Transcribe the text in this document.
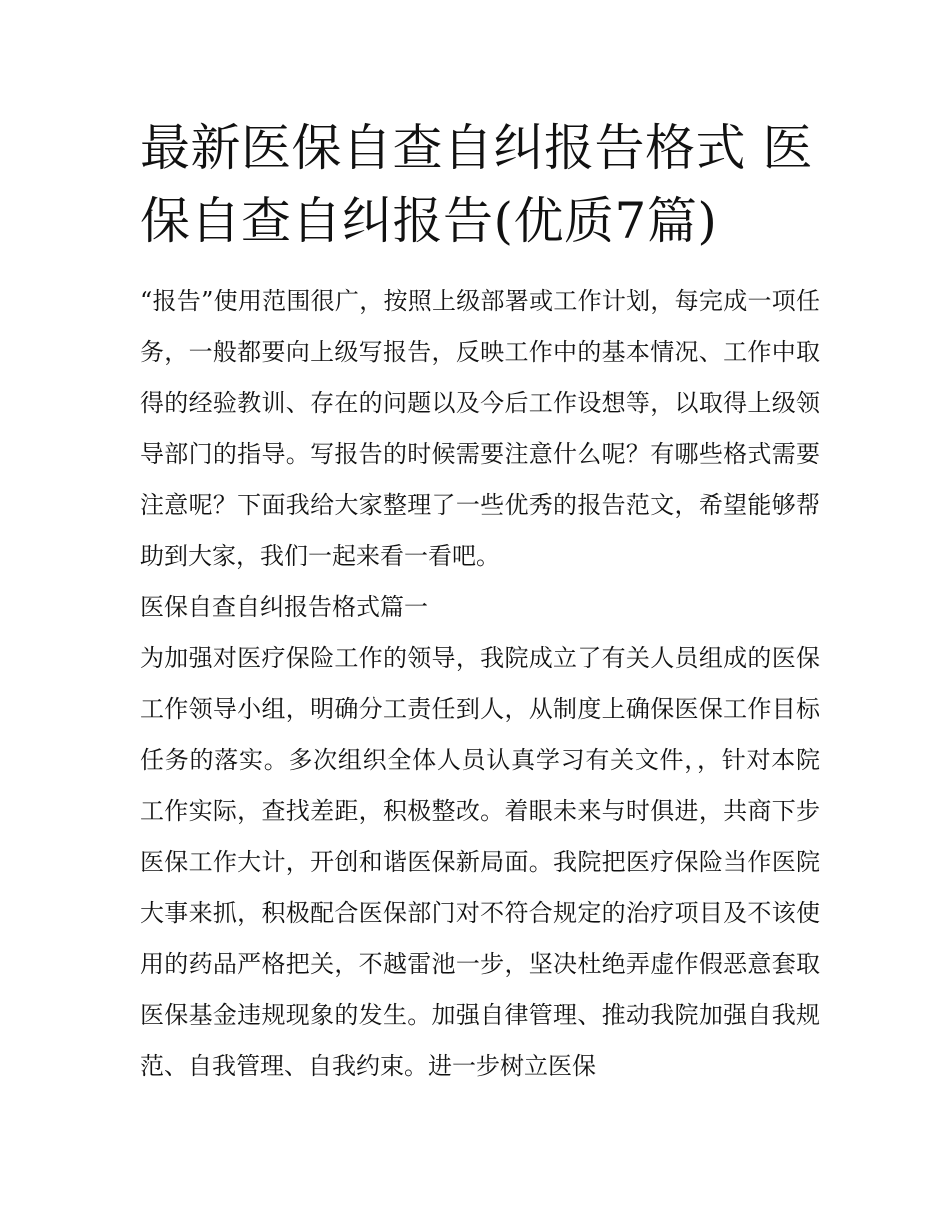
最新医保自查自纠报告格式 医保自查自纠报告(优质7篇)

“报告”使用范围很广，按照上级部署或工作计划，每完成一项任务，一般都要向上级写报告，反映工作中的基本情况、工作中取得的经验教训、存在的问题以及今后工作设想等，以取得上级领导部门的指导。写报告的时候需要注意什么呢？有哪些格式需要注意呢？下面我给大家整理了一些优秀的报告范文，希望能够帮助到大家，我们一起来看一看吧。

医保自查自纠报告格式篇一

为加强对医疗保险工作的领导，我院成立了有关人员组成的医保工作领导小组，明确分工责任到人，从制度上确保医保工作目标任务的落实。多次组织全体人员认真学习有关文件，，针对本院工作实际，查找差距，积极整改。着眼未来与时俱进，共商下步医保工作大计，开创和谐医保新局面。我院把医疗保险当作医院大事来抓，积极配合医保部门对不符合规定的治疗项目及不该使用的药品严格把关，不越雷池一步，坚决杜绝弄虚作假恶意套取医保基金违规现象的发生。加强自律管理、推动我院加强自我规范、自我管理、自我约束。进一步树立医保
